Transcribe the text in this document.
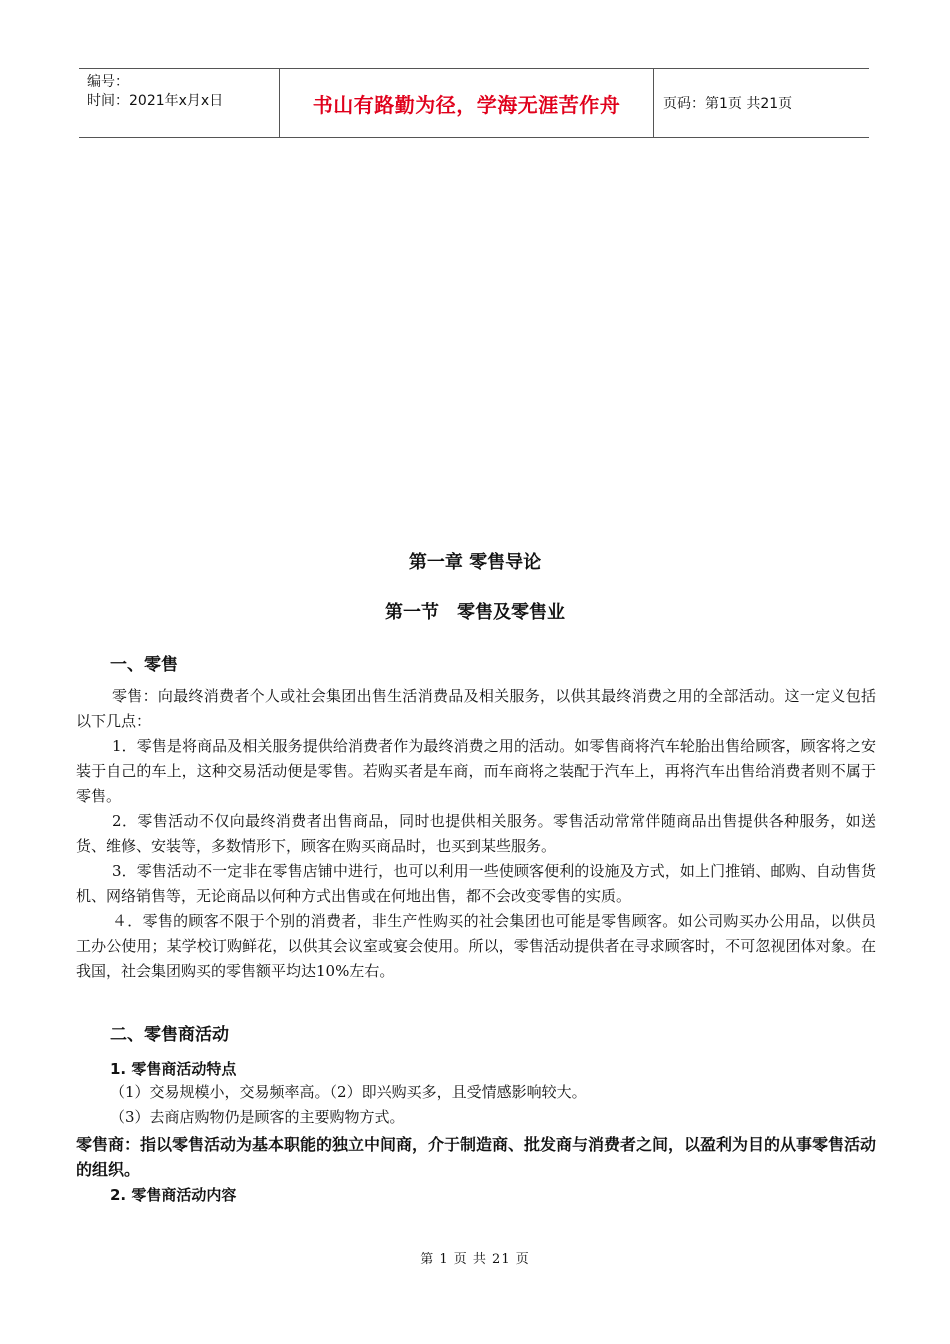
编号：
时间：2021年x月x日	书山有路勤为径，学海无涯苦作舟	页码：第1页 共21页
第一章 零售导论
第一节　零售及零售业
一、零售

零售：向最终消费者个人或社会集团出售生活消费品及相关服务，以供其最终消费之用的全部活动。这一定义包括以下几点：

1．零售是将商品及相关服务提供给消费者作为最终消费之用的活动。如零售商将汽车轮胎出售给顾客，顾客将之安装于自己的车上，这种交易活动便是零售。若购买者是车商，而车商将之装配于汽车上，再将汽车出售给消费者则不属于零售。

2．零售活动不仅向最终消费者出售商品，同时也提供相关服务。零售活动常常伴随商品出售提供各种服务，如送货、维修、安装等，多数情形下，顾客在购买商品时，也买到某些服务。

3．零售活动不一定非在零售店铺中进行，也可以利用一些使顾客便利的设施及方式，如上门推销、邮购、自动售货机、网络销售等，无论商品以何种方式出售或在何地出售，都不会改变零售的实质。

４．零售的顾客不限于个别的消费者，非生产性购买的社会集团也可能是零售顾客。如公司购买办公用品，以供员工办公使用；某学校订购鲜花，以供其会议室或宴会使用。所以，零售活动提供者在寻求顾客时，不可忽视团体对象。在我国，社会集团购买的零售额平均达10%左右。

二、零售商活动
1. 零售商活动特点
（1）交易规模小，交易频率高。（2）即兴购买多，且受情感影响较大。
（3）去商店购物仍是顾客的主要购物方式。
零售商：指以零售活动为基本职能的独立中间商，介于制造商、批发商与消费者之间，以盈利为目的从事零售活动的组织。
2. 零售商活动内容
第 1 页 共 21 页
